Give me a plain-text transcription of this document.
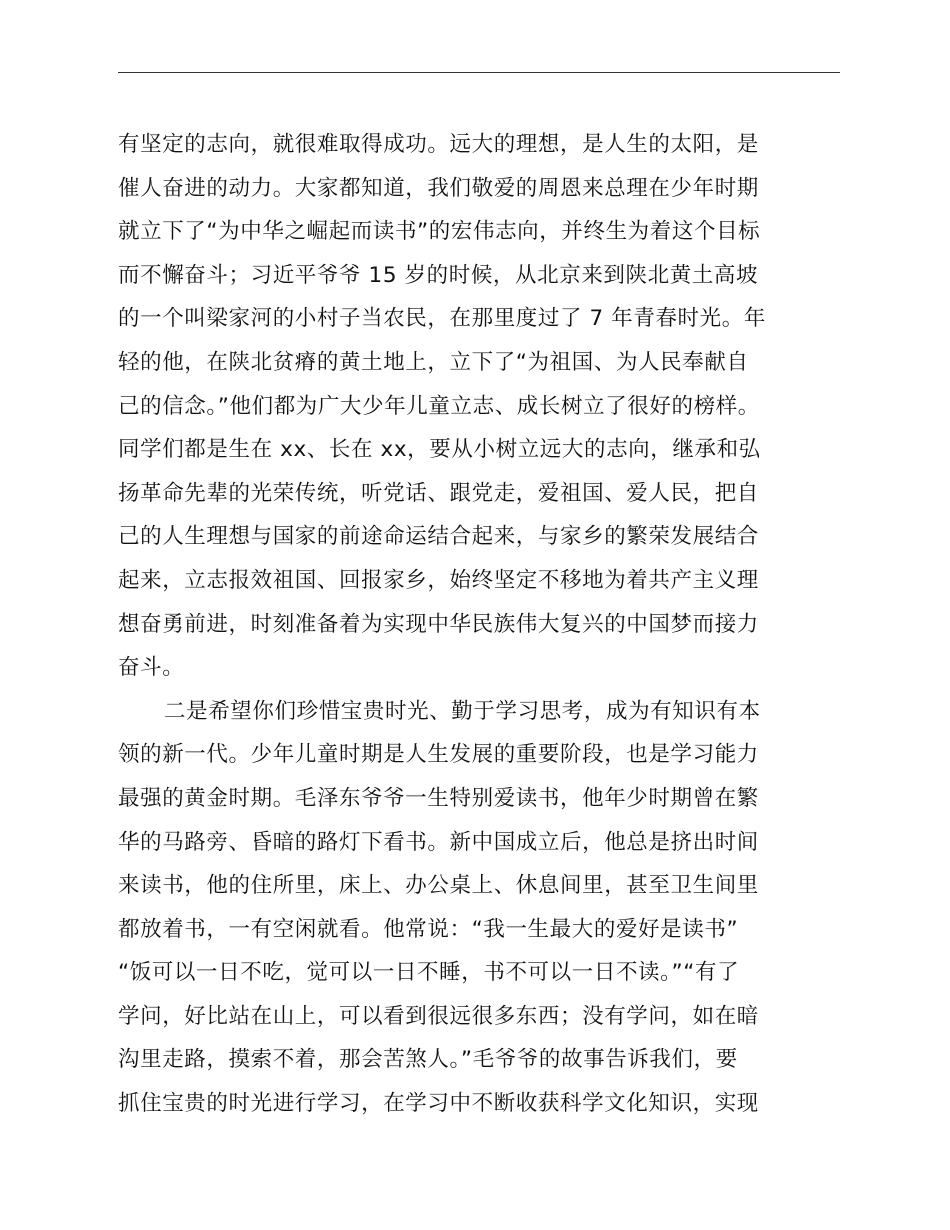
有坚定的志向，就很难取得成功。远大的理想，是人生的太阳，是
催人奋进的动力。大家都知道，我们敬爱的周恩来总理在少年时期
就立下了“为中华之崛起而读书”的宏伟志向，并终生为着这个目标
而不懈奋斗；习近平爷爷 15 岁的时候，从北京来到陕北黄土高坡
的一个叫梁家河的小村子当农民，在那里度过了 7 年青春时光。年
轻的他，在陕北贫瘠的黄土地上，立下了“为祖国、为人民奉献自
己的信念。”他们都为广大少年儿童立志、成长树立了很好的榜样。
同学们都是生在 xx、长在 xx，要从小树立远大的志向，继承和弘
扬革命先辈的光荣传统，听党话、跟党走，爱祖国、爱人民，把自
己的人生理想与国家的前途命运结合起来，与家乡的繁荣发展结合
起来，立志报效祖国、回报家乡，始终坚定不移地为着共产主义理
想奋勇前进，时刻准备着为实现中华民族伟大复兴的中国梦而接力
奋斗。
二是希望你们珍惜宝贵时光、勤于学习思考，成为有知识有本
领的新一代。少年儿童时期是人生发展的重要阶段，也是学习能力
最强的黄金时期。毛泽东爷爷一生特别爱读书，他年少时期曾在繁
华的马路旁、昏暗的路灯下看书。新中国成立后，他总是挤出时间
来读书，他的住所里，床上、办公桌上、休息间里，甚至卫生间里
都放着书，一有空闲就看。他常说：“我一生最大的爱好是读书”
“饭可以一日不吃，觉可以一日不睡，书不可以一日不读。”“有了
学问，好比站在山上，可以看到很远很多东西；没有学问，如在暗
沟里走路，摸索不着，那会苦煞人。”毛爷爷的故事告诉我们，要
抓住宝贵的时光进行学习，在学习中不断收获科学文化知识，实现
